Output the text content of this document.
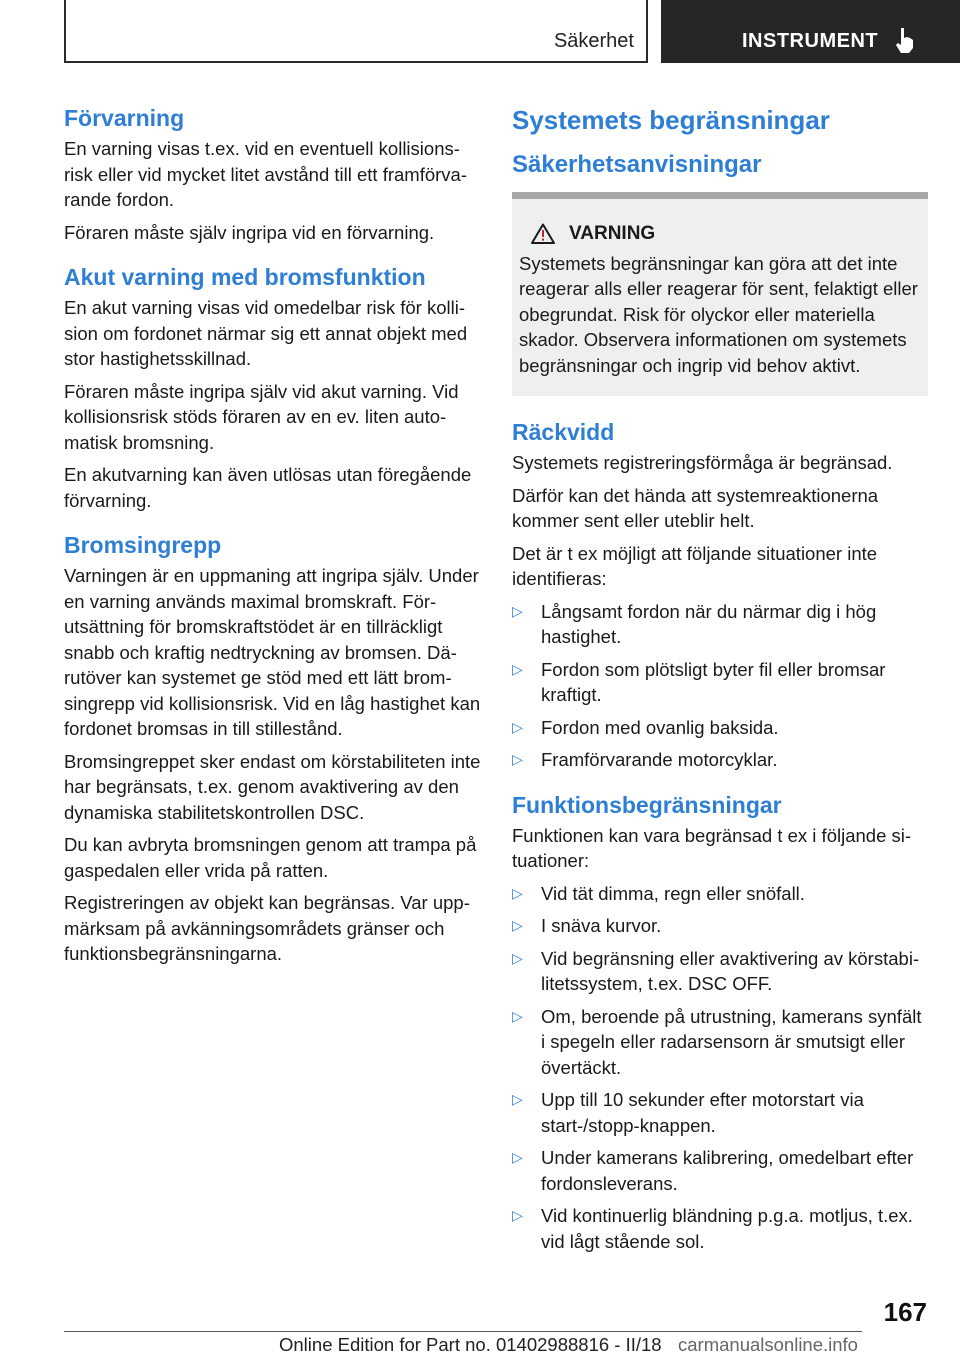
Säkerhet	INSTRUMENT
Förvarning

En varning visas t.ex. vid en eventuell kollisionsrisk eller vid mycket litet avstånd till ett framförvarande fordon.

Föraren måste själv ingripa vid en förvarning.

Akut varning med bromsfunktion

En akut varning visas vid omedelbar risk för kollision om fordonet närmar sig ett annat objekt med stor hastighetsskillnad.

Föraren måste ingripa själv vid akut varning. Vid kollisionsrisk stöds föraren av en ev. liten automatisk bromsning.

En akutvarning kan även utlösas utan föregående förvarning.

Bromsingrepp

Varningen är en uppmaning att ingripa själv. Under en varning används maximal bromskraft. Förutsättning för bromskraftstödet är en tillräckligt snabb och kraftig nedtryckning av bromsen. Därutöver kan systemet ge stöd med ett lätt bromsingrepp vid kollisionsrisk. Vid en låg hastighet kan fordonet bromsas in till stillestånd.

Bromsingreppet sker endast om körstabiliteten inte har begränsats, t.ex. genom avaktivering av den dynamiska stabilitetskontrollen DSC.

Du kan avbryta bromsningen genom att trampa på gaspedalen eller vrida på ratten.

Registreringen av objekt kan begränsas. Var uppmärksam på avkänningsområdets gränser och funktionsbegränsningarna.

Systemets begränsningar
Säkerhetsanvisningar
VARNING
Systemets begränsningar kan göra att det inte reagerar alls eller reagerar för sent, felaktigt eller obegrundat. Risk för olyckor eller materiella skador. Observera informationen om systemets begränsningar och ingrip vid behov aktivt.
Räckvidd

Systemets registreringsförmåga är begränsad.

Därför kan det hända att systemreaktionerna kommer sent eller uteblir helt.

Det är t ex möjligt att följande situationer inte identifieras:

▷ Långsamt fordon när du närmar dig i hög hastighet.
▷ Fordon som plötsligt byter fil eller bromsar kraftigt.
▷ Fordon med ovanlig baksida.
▷ Framförvarande motorcyklar.
Funktionsbegränsningar

Funktionen kan vara begränsad t ex i följande situationer:

▷ Vid tät dimma, regn eller snöfall.
▷ I snäva kurvor.
▷ Vid begränsning eller avaktivering av körstabilitetssystem, t.ex. DSC OFF.
▷ Om, beroende på utrustning, kamerans synfält i spegeln eller radarsensorn är smutsigt eller övertäckt.
▷ Upp till 10 sekunder efter motorstart via start-/stopp-knappen.
▷ Under kamerans kalibrering, omedelbart efter fordonsleverans.
▷ Vid kontinuerlig bländning p.g.a. motljus, t.ex. vid lågt stående sol.
167
Online Edition for Part no. 01402988816 - II/18 carmanualsonline.info
